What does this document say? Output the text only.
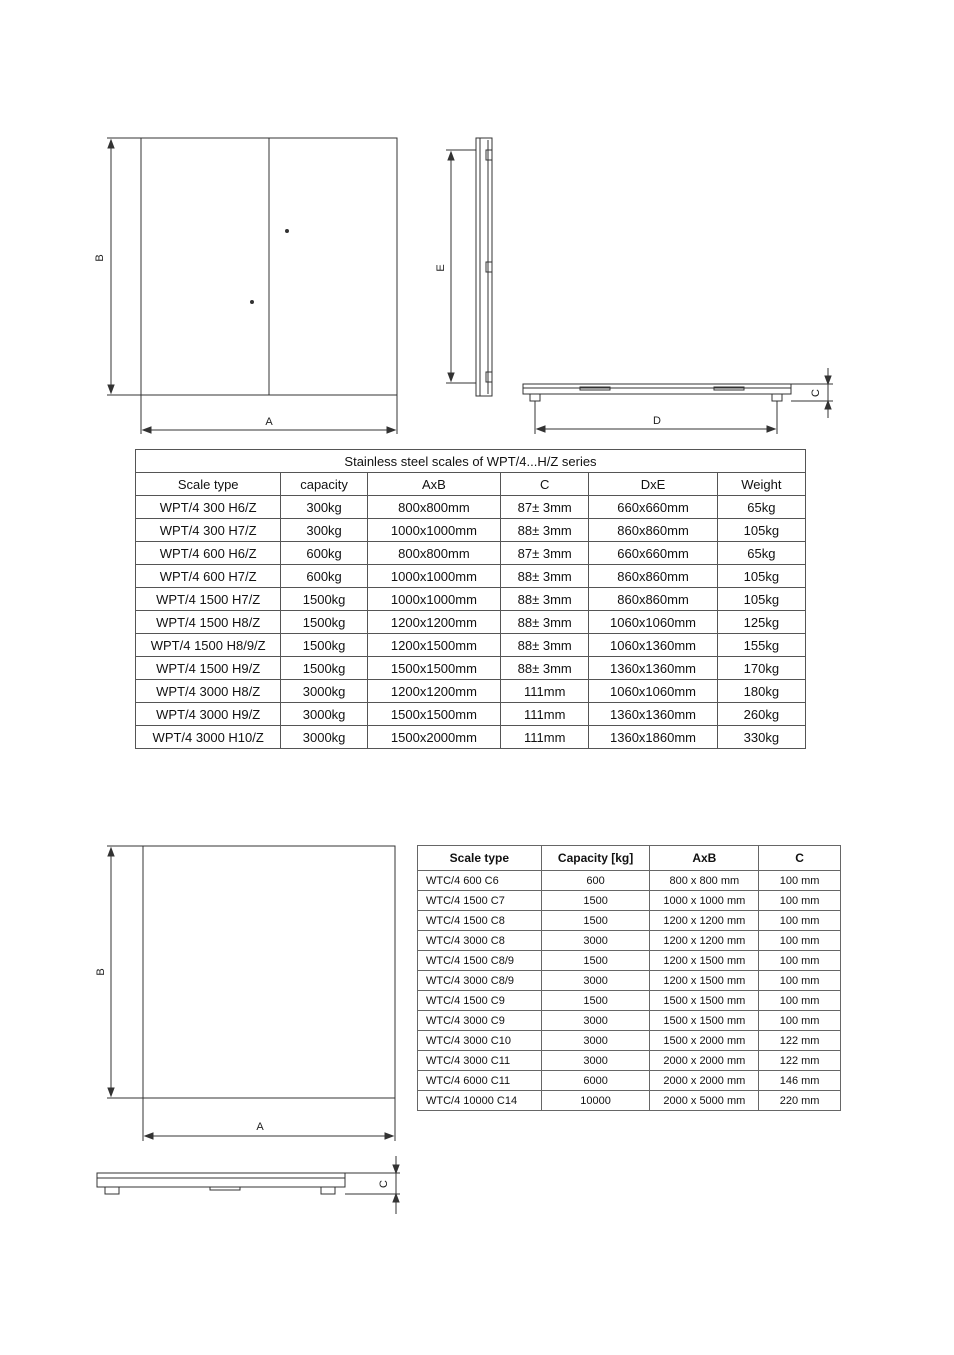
B
A
E
C
D
Stainless steel scales of WPT/4...H/Z series					
Scale type	capacity	AxB	C	DxE	Weight
WPT/4 300 H6/Z	300kg	800x800mm	87± 3mm	660x660mm	65kg
WPT/4 300 H7/Z	300kg	1000x1000mm	88± 3mm	860x860mm	105kg
WPT/4 600 H6/Z	600kg	800x800mm	87± 3mm	660x660mm	65kg
WPT/4 600 H7/Z	600kg	1000x1000mm	88± 3mm	860x860mm	105kg
WPT/4 1500 H7/Z	1500kg	1000x1000mm	88± 3mm	860x860mm	105kg
WPT/4 1500 H8/Z	1500kg	1200x1200mm	88± 3mm	1060x1060mm	125kg
WPT/4 1500 H8/9/Z	1500kg	1200x1500mm	88± 3mm	1060x1360mm	155kg
WPT/4 1500 H9/Z	1500kg	1500x1500mm	88± 3mm	1360x1360mm	170kg
WPT/4 3000 H8/Z	3000kg	1200x1200mm	111mm	1060x1060mm	180kg
WPT/4 3000 H9/Z	3000kg	1500x1500mm	111mm	1360x1360mm	260kg
WPT/4 3000 H10/Z	3000kg	1500x2000mm	111mm	1360x1860mm	330kg
B
A
C
Scale type	Capacity [kg]	AxB	C
WTC/4 600 C6	600	800 x 800 mm	100 mm
WTC/4 1500 C7	1500	1000 x 1000 mm	100 mm
WTC/4 1500 C8	1500	1200 x 1200 mm	100 mm
WTC/4 3000 C8	3000	1200 x 1200 mm	100 mm
WTC/4 1500 C8/9	1500	1200 x 1500 mm	100 mm
WTC/4 3000 C8/9	3000	1200 x 1500 mm	100 mm
WTC/4 1500 C9	1500	1500 x 1500 mm	100 mm
WTC/4 3000 C9	3000	1500 x 1500 mm	100 mm
WTC/4 3000 C10	3000	1500 x 2000 mm	122 mm
WTC/4 3000 C11	3000	2000 x 2000 mm	122 mm
WTC/4 6000 C11	6000	2000 x 2000 mm	146 mm
WTC/4 10000 C14	10000	2000 x 5000 mm	220 mm
